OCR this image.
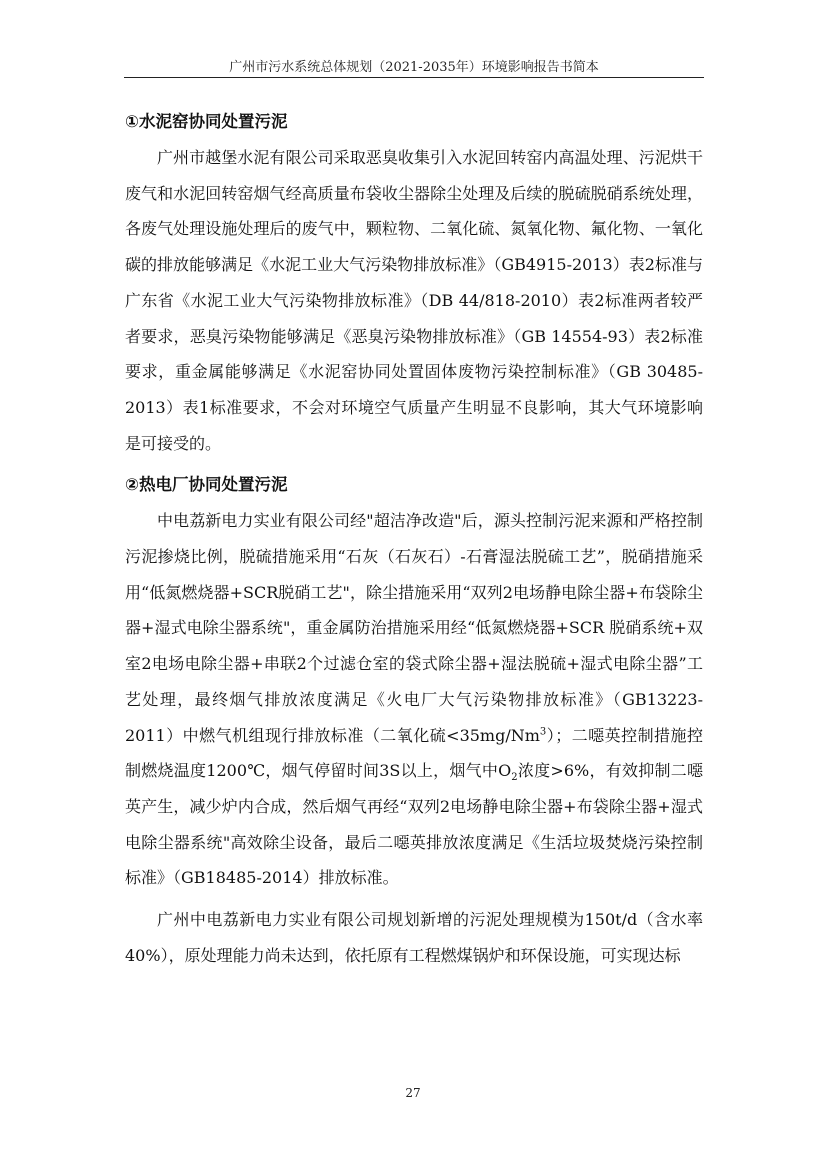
广州市污水系统总体规划（2021-2035年）环境影响报告书简本
①水泥窑协同处置污泥

广州市越堡水泥有限公司采取恶臭收集引入水泥回转窑内高温处理、污泥烘干废气和水泥回转窑烟气经高质量布袋收尘器除尘处理及后续的脱硫脱硝系统处理，各废气处理设施处理后的废气中，颗粒物、二氧化硫、氮氧化物、氟化物、一氧化碳的排放能够满足《水泥工业大气污染物排放标准》（GB4915-2013）表2标准与广东省《水泥工业大气污染物排放标准》（DB 44/818-2010）表2标准两者较严者要求，恶臭污染物能够满足《恶臭污染物排放标准》（GB 14554-93）表2标准要求，重金属能够满足《水泥窑协同处置固体废物污染控制标准》（GB 30485-2013）表1标准要求，不会对环境空气质量产生明显不良影响，其大气环境影响是可接受的。

②热电厂协同处置污泥

中电荔新电力实业有限公司经"超洁净改造"后，源头控制污泥来源和严格控制污泥掺烧比例，脱硫措施采用“石灰（石灰石）-石膏湿法脱硫工艺”，脱硝措施采用“低氮燃烧器+SCR脱硝工艺"，除尘措施采用“双列2电场静电除尘器+布袋除尘器+湿式电除尘器系统"，重金属防治措施采用经“低氮燃烧器+SCR 脱硝系统+双室2电场电除尘器+串联2个过滤仓室的袋式除尘器+湿法脱硫+湿式电除尘器”工艺处理，最终烟气排放浓度满足《火电厂大气污染物排放标准》（GB13223-2011）中燃气机组现行排放标准（二氧化硫$<35mg/Nm^3$）；二噁英控制措施控制燃烧温度1200℃，烟气停留时间3S以上，烟气中$O_2$浓度>6%，有效抑制二噁英产生，减少炉内合成，然后烟气再经“双列2电场静电除尘器+布袋除尘器+湿式电除尘器系统"高效除尘设备，最后二噁英排放浓度满足《生活垃圾焚烧污染控制标准》（GB18485-2014）排放标准。

广州中电荔新电力实业有限公司规划新增的污泥处理规模为150t/d（含水率40%），原处理能力尚未达到，依托原有工程燃煤锅炉和环保设施，可实现达标

27
